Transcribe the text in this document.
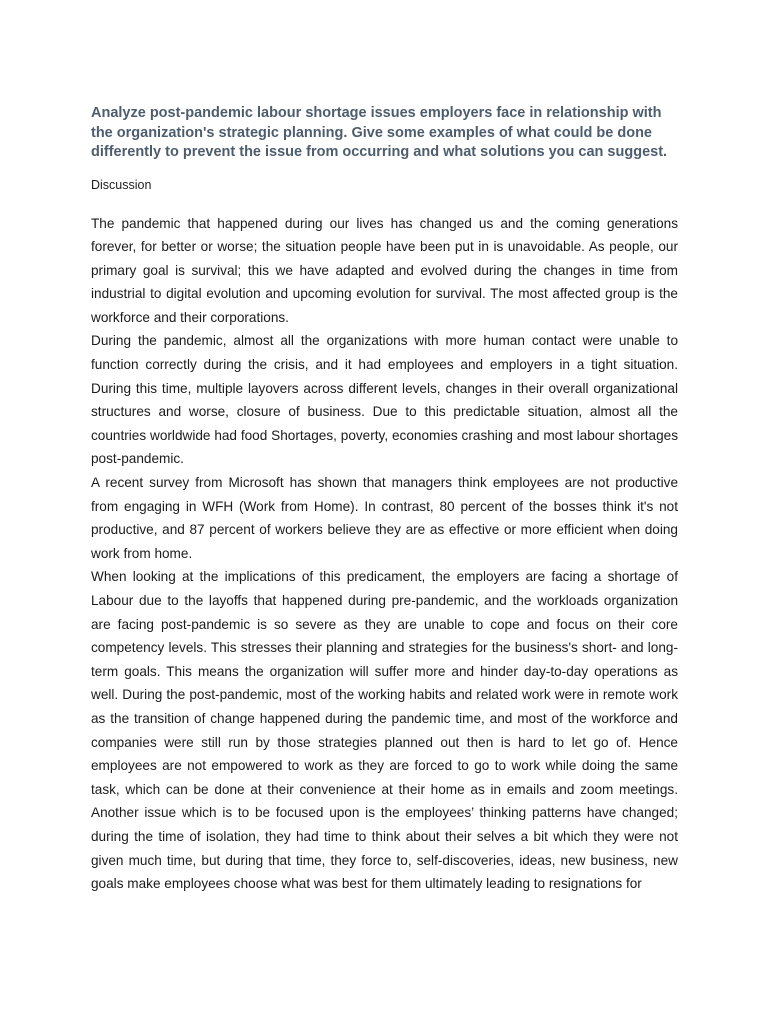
Analyze post-pandemic labour shortage issues employers face in relationship with the organization's strategic planning. Give some examples of what could be done differently to prevent the issue from occurring and what solutions you can suggest.

Discussion

The pandemic that happened during our lives has changed us and the coming generations forever, for better or worse; the situation people have been put in is unavoidable. As people, our primary goal is survival; this we have adapted and evolved during the changes in time from industrial to digital evolution and upcoming evolution for survival. The most affected group is the workforce and their corporations.

During the pandemic, almost all the organizations with more human contact were unable to function correctly during the crisis, and it had employees and employers in a tight situation. During this time, multiple layovers across different levels, changes in their overall organizational structures and worse, closure of business. Due to this predictable situation, almost all the countries worldwide had food Shortages, poverty, economies crashing and most labour shortages post-pandemic.

A recent survey from Microsoft has shown that managers think employees are not productive from engaging in WFH (Work from Home). In contrast, 80 percent of the bosses think it's not productive, and 87 percent of workers believe they are as effective or more efficient when doing work from home.

When looking at the implications of this predicament, the employers are facing a shortage of Labour due to the layoffs that happened during pre-pandemic, and the workloads organization are facing post-pandemic is so severe as they are unable to cope and focus on their core competency levels. This stresses their planning and strategies for the business's short- and long-term goals. This means the organization will suffer more and hinder day-to-day operations as well. During the post-pandemic, most of the working habits and related work were in remote work as the transition of change happened during the pandemic time, and most of the workforce and companies were still run by those strategies planned out then is hard to let go of. Hence employees are not empowered to work as they are forced to go to work while doing the same task, which can be done at their convenience at their home as in emails and zoom meetings. Another issue which is to be focused upon is the employees’ thinking patterns have changed; during the time of isolation, they had time to think about their selves a bit which they were not given much time, but during that time, they force to, self-discoveries, ideas, new business, new goals make employees choose what was best for them ultimately leading to resignations for
